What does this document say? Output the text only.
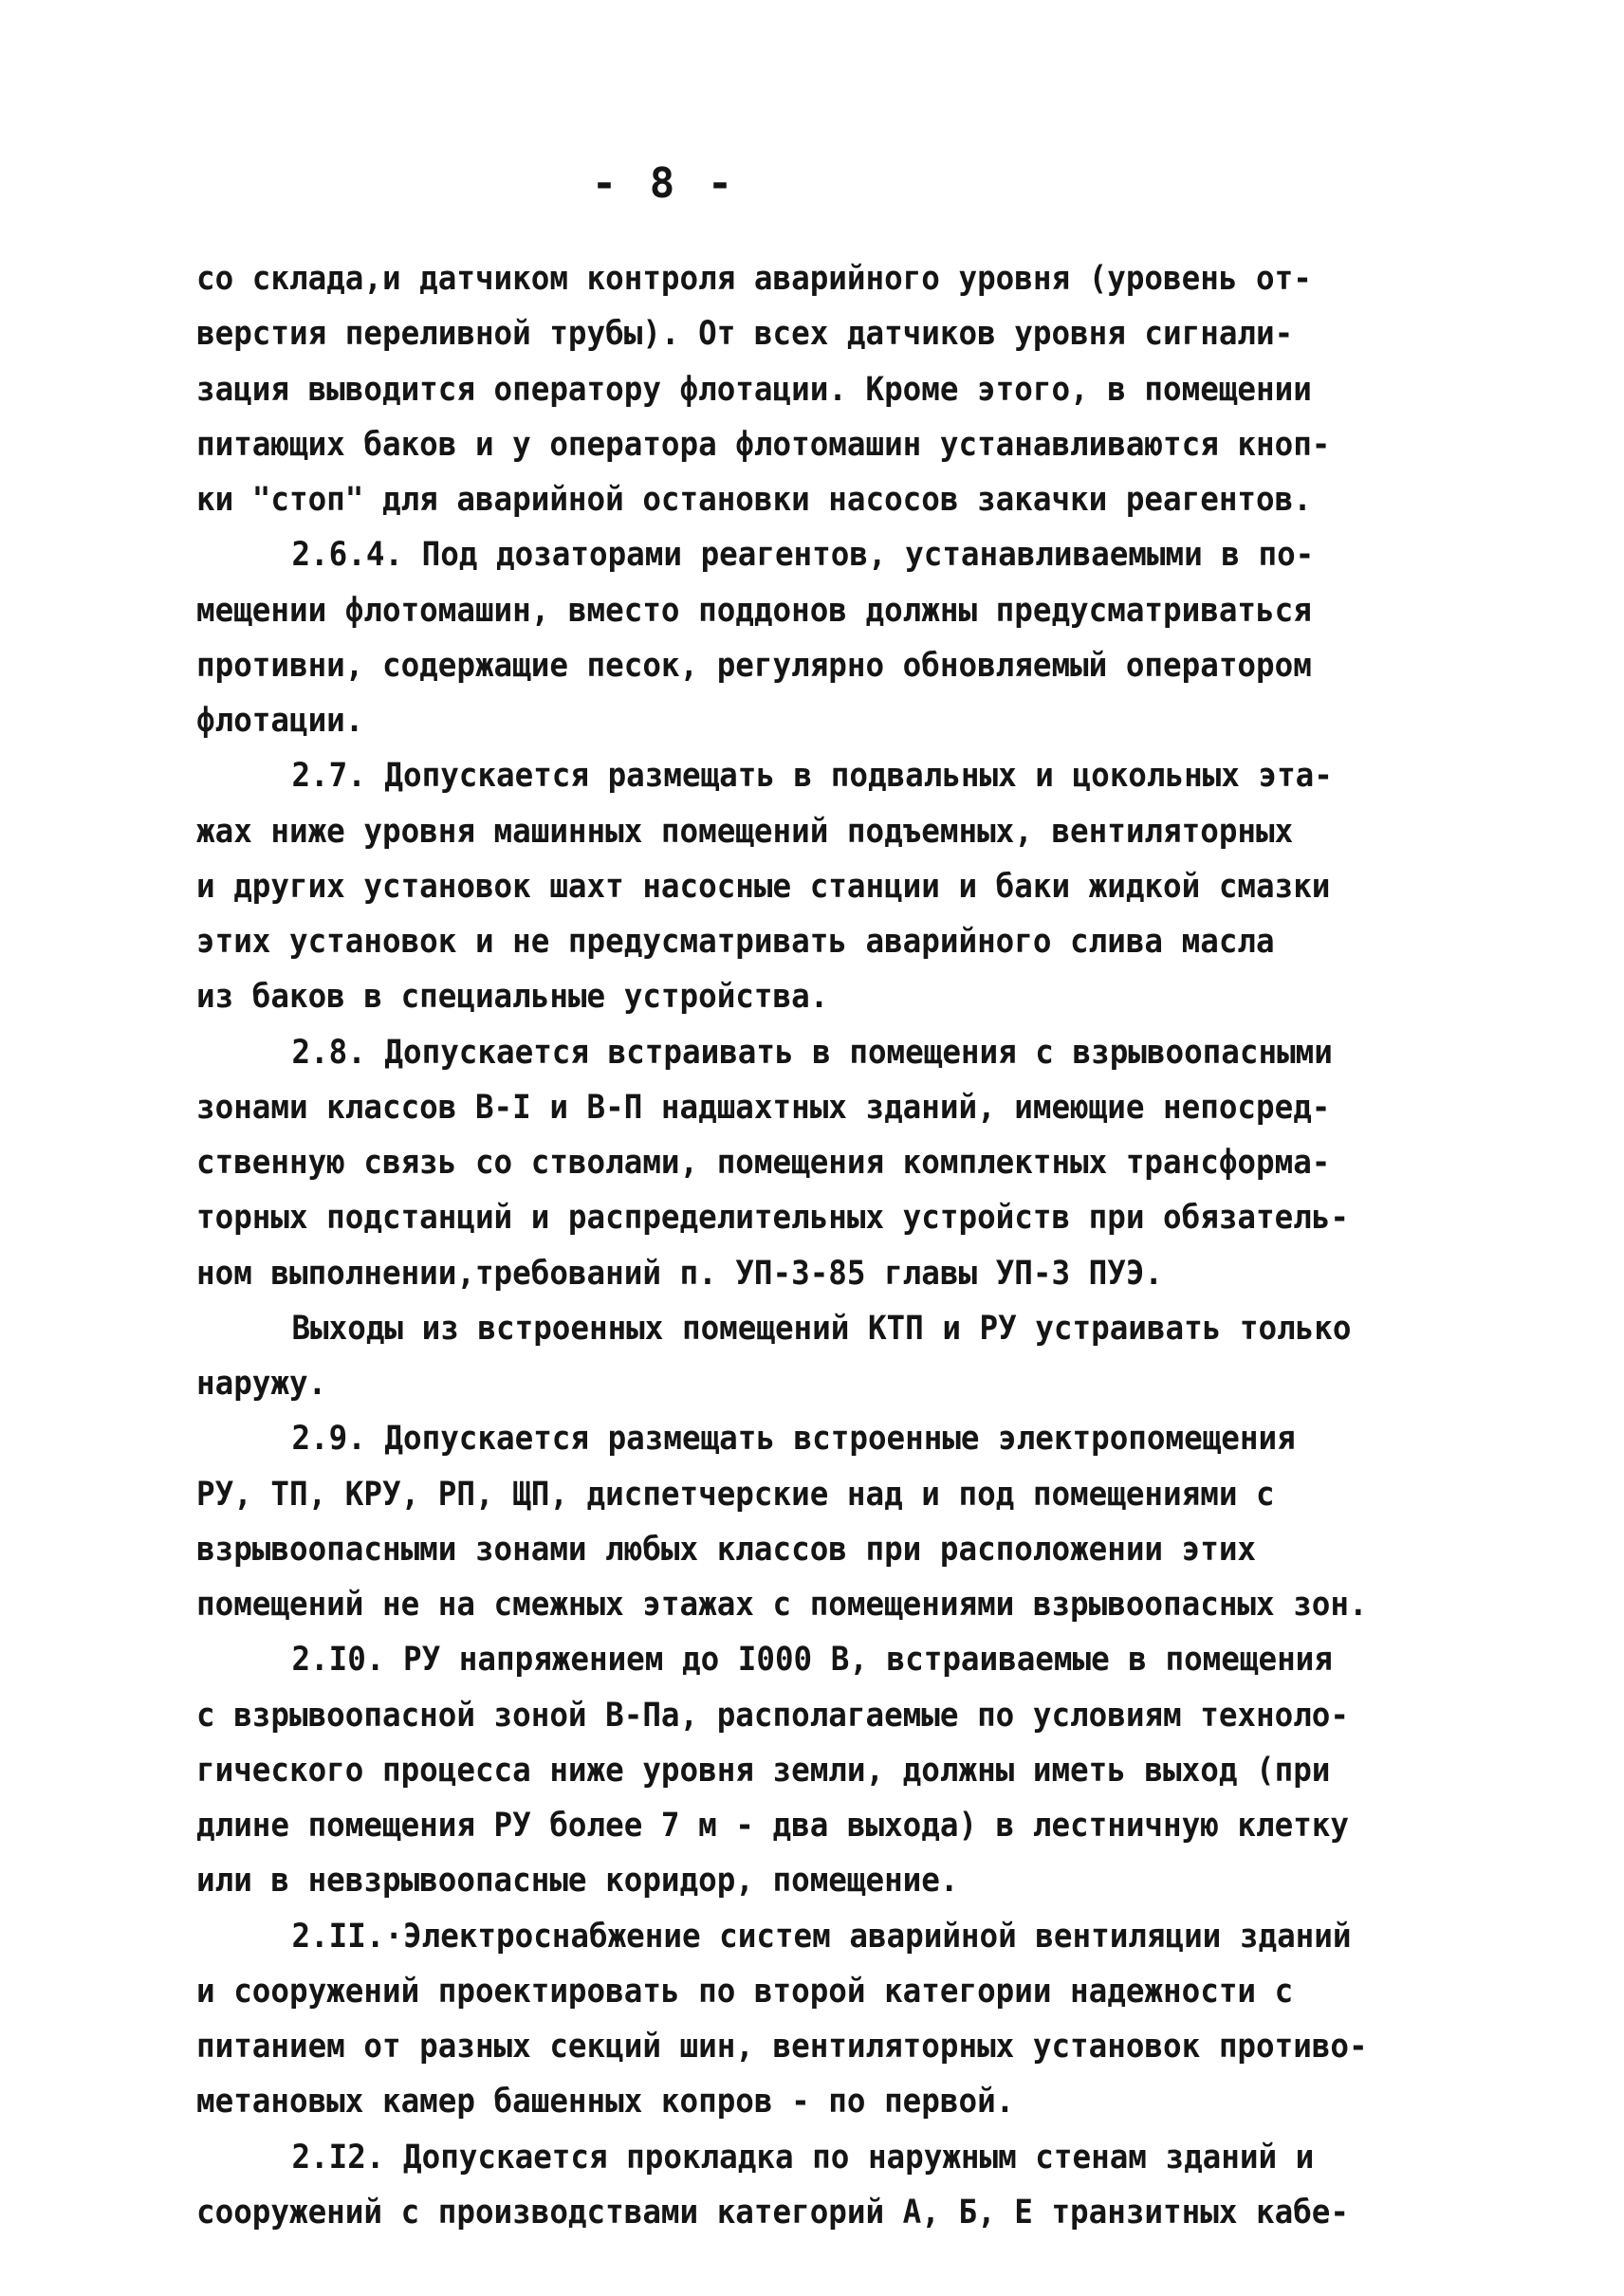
- 8 -
со склада,и датчиком контроля аварийного уровня (уровень от-
верстия переливной трубы). От всех датчиков уровня сигнали-
зация выводится оператору флотации. Кроме этого, в помещении
питающих баков и у оператора флотомашин устанавливаются кноп-
ки "стоп" для аварийной остановки насосов закачки реагентов.
2.6.4. Под дозаторами реагентов, устанавливаемыми в по-
мещении флотомашин, вместо поддонов должны предусматриваться
противни, содержащие песок, регулярно обновляемый оператором
флотации.
2.7. Допускается размещать в подвальных и цокольных эта-
жах ниже уровня машинных помещений подъемных, вентиляторных
и других установок шахт насосные станции и баки жидкой смазки
этих установок и не предусматривать аварийного слива масла
из баков в специальные устройства.
2.8. Допускается встраивать в помещения с взрывоопасными
зонами классов В-I и В-П надшахтных зданий, имеющие непосред-
ственную связь со стволами, помещения комплектных трансформа-
торных подстанций и распределительных устройств при обязатель-
ном выполнении,требований п. УП-3-85 главы УП-3 ПУЭ.
Выходы из встроенных помещений КТП и РУ устраивать только
наружу.
2.9. Допускается размещать встроенные электропомещения
РУ, ТП, КРУ, РП, ЩП, диспетчерские над и под помещениями с
взрывоопасными зонами любых классов при расположении этих
помещений не на смежных этажах с помещениями взрывоопасных зон.
2.I0. РУ напряжением до I000 В, встраиваемые в помещения
с взрывоопасной зоной В-Па, располагаемые по условиям техноло-
гического процесса ниже уровня земли, должны иметь выход (при
длине помещения РУ более 7 м - два выхода) в лестничную клетку
или в невзрывоопасные коридор, помещение.
2.II.·Электроснабжение систем аварийной вентиляции зданий
и сооружений проектировать по второй категории надежности с
питанием от разных секций шин, вентиляторных установок противо-
метановых камер башенных копров - по первой.
2.I2. Допускается прокладка по наружным стенам зданий и
сооружений с производствами категорий А, Б, Е транзитных кабе-
